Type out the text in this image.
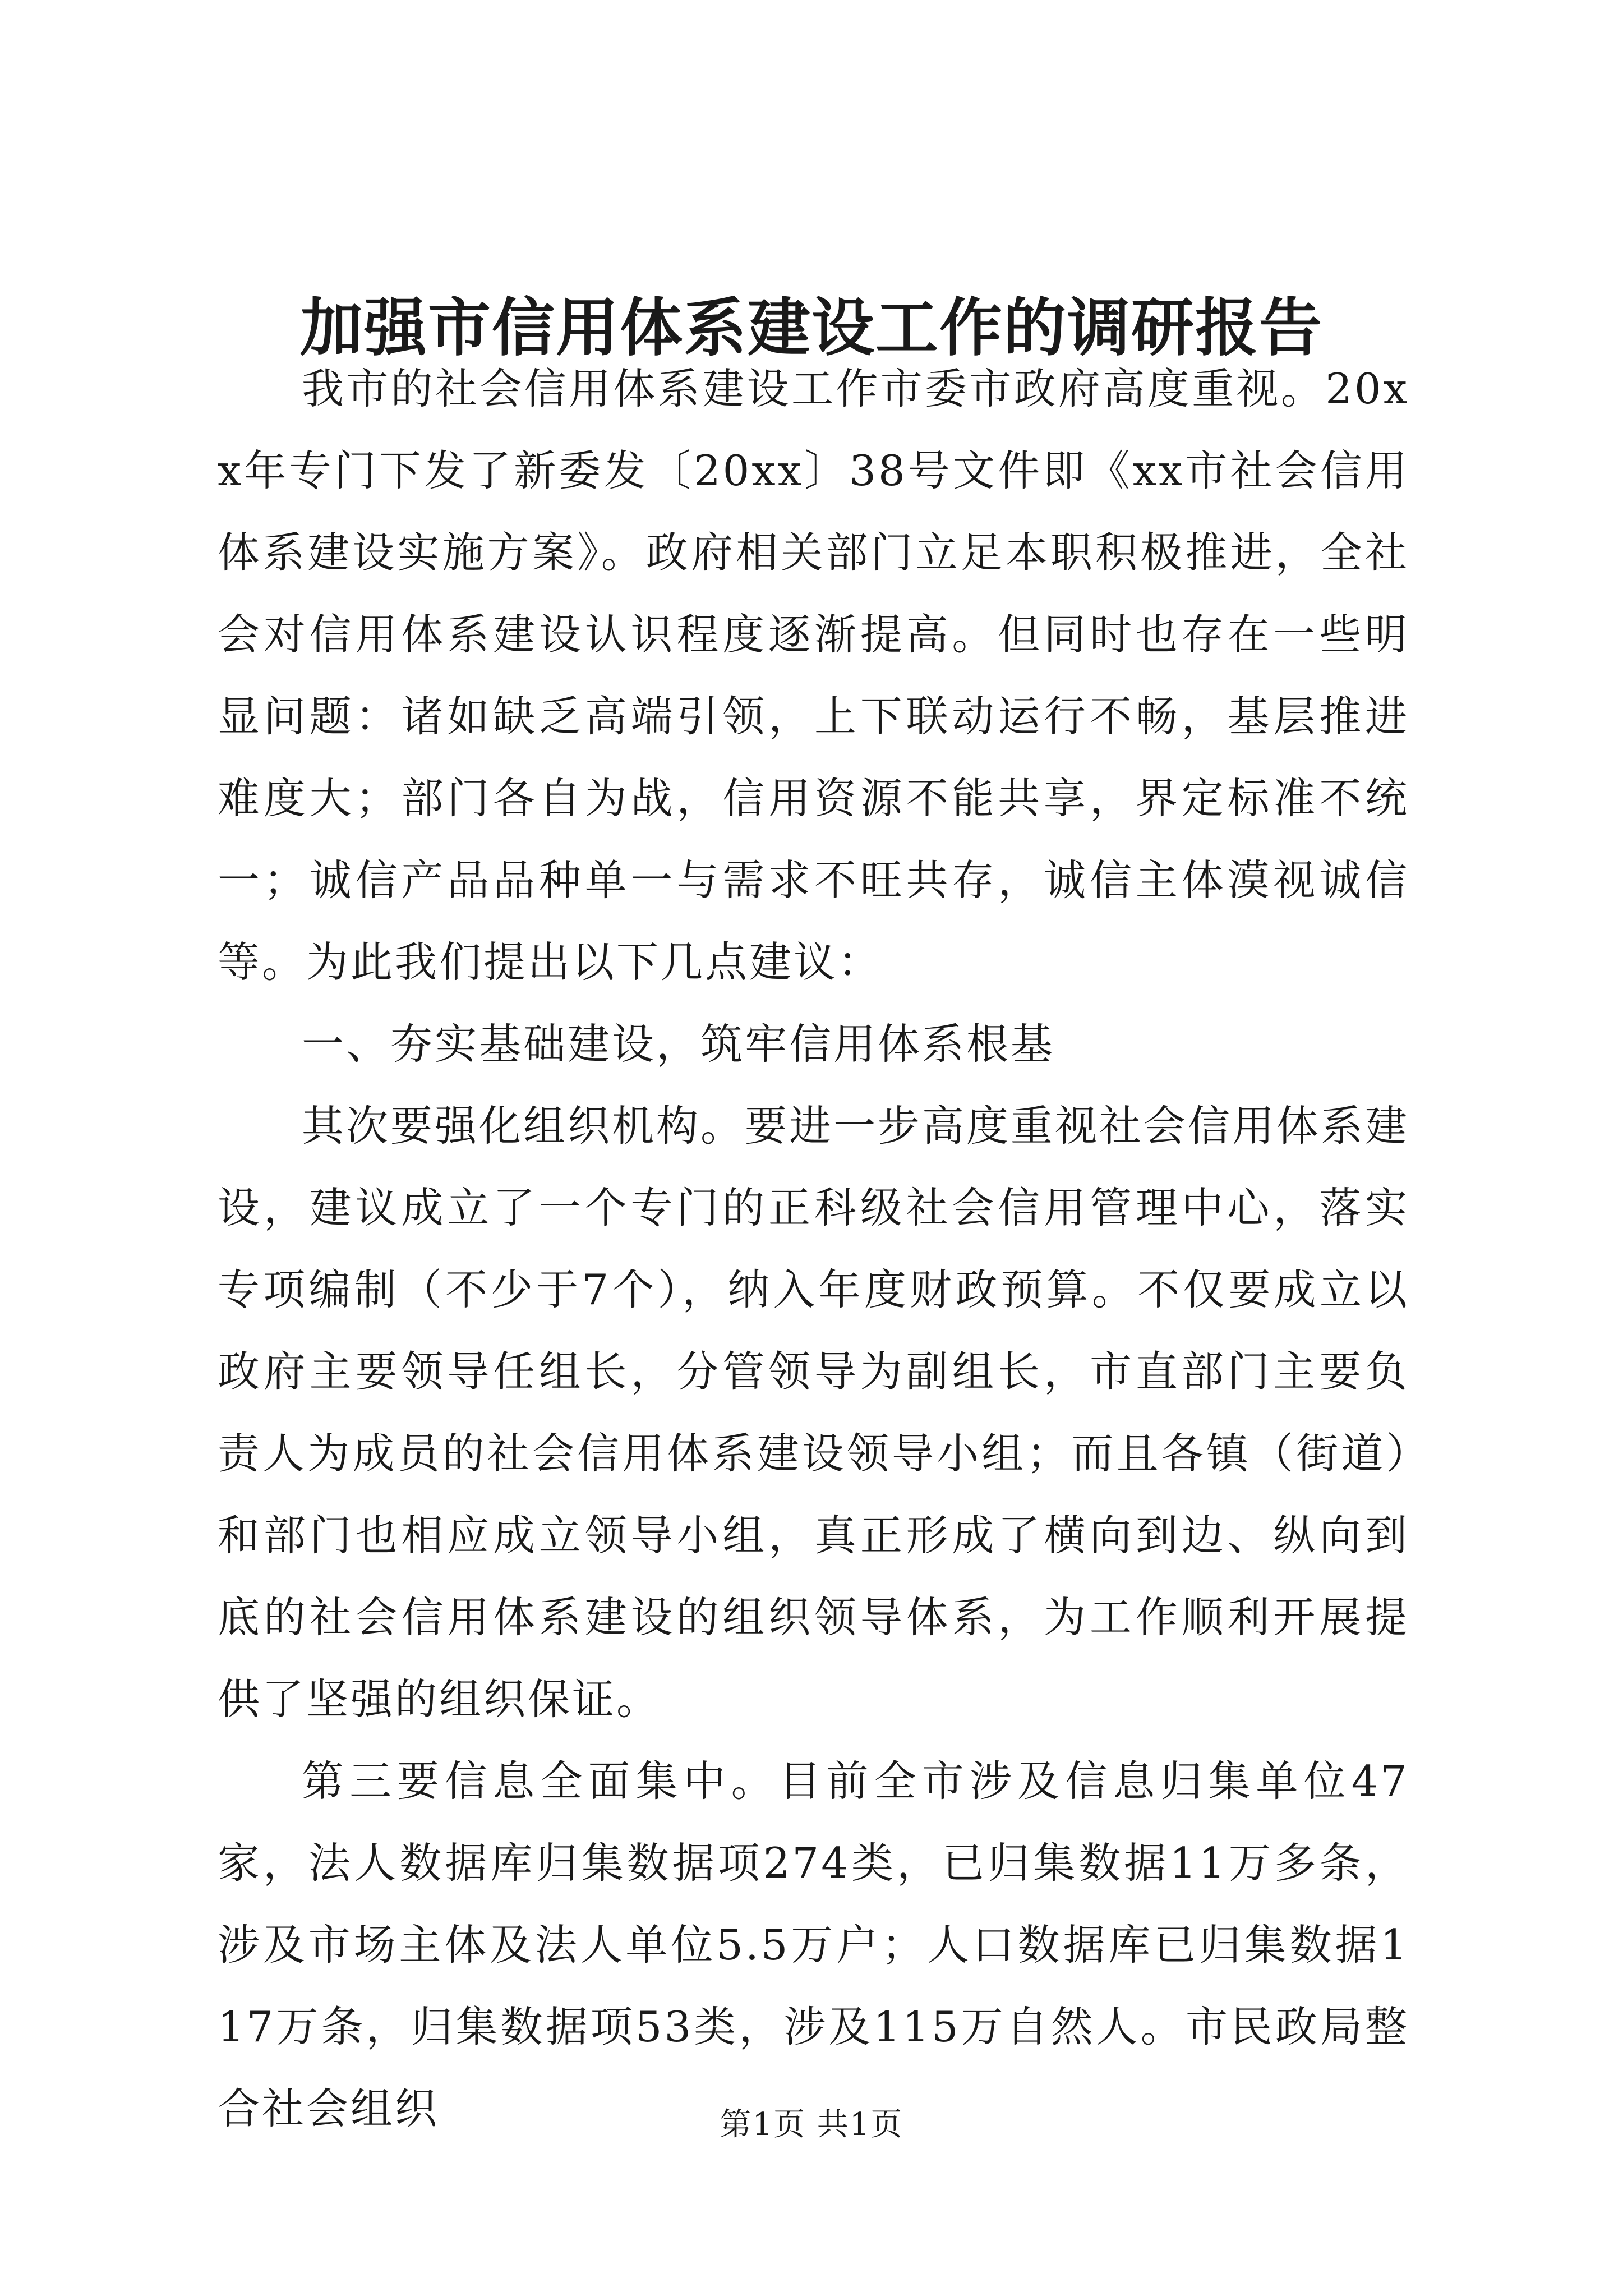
加强市信用体系建设工作的调研报告

我市的社会信用体系建设工作市委市政府高度重视。20xx年专门下发了新委发〔20xx〕38号文件即《xx市社会信用体系建设实施方案》。政府相关部门立足本职积极推进，全社会对信用体系建设认识程度逐渐提高。但同时也存在一些明显问题：诸如缺乏高端引领，上下联动运行不畅，基层推进难度大；部门各自为战，信用资源不能共享，界定标准不统一；诚信产品品种单一与需求不旺共存，诚信主体漠视诚信等。为此我们提出以下几点建议：

一、夯实基础建设，筑牢信用体系根基

其次要强化组织机构。要进一步高度重视社会信用体系建设，建议成立了一个专门的正科级社会信用管理中心，落实专项编制（不少于7个），纳入年度财政预算。不仅要成立以政府主要领导任组长，分管领导为副组长，市直部门主要负责人为成员的社会信用体系建设领导小组；而且各镇（街道）和部门也相应成立领导小组，真正形成了横向到边、纵向到底的社会信用体系建设的组织领导体系，为工作顺利开展提供了坚强的组织保证。

第三要信息全面集中。目前全市涉及信息归集单位47家，法人数据库归集数据项274类，已归集数据11万多条，涉及市场主体及法人单位5.5万户；人口数据库已归集数据117万条，归集数据项53类，涉及115万自然人。市民政局整合社会组织	第1页 共1页
